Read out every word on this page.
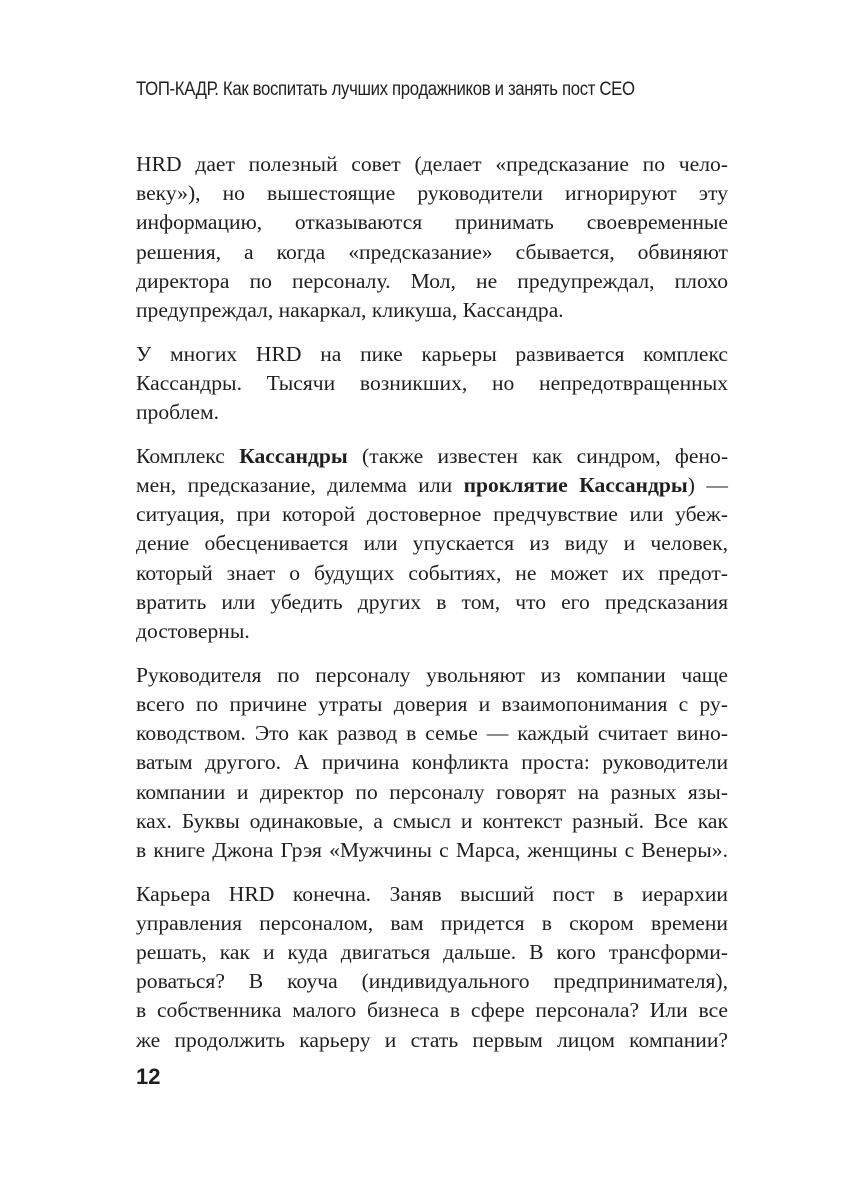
ТОП-КАДР. Как воспитать лучших продажников и занять пост CEO

HRD дает полезный совет (делает «предсказание по чело-
веку»), но вышестоящие руководители игнорируют эту
информацию, отказываются принимать своевременные
решения, а когда «предсказание» сбывается, обвиняют
директора по персоналу. Мол, не предупреждал, плохо
предупреждал, накаркал, кликуша, Кассандра.

У многих HRD на пике карьеры развивается комплекс
Кассандры. Тысячи возникших, но непредотвращенных
проблем.

Комплекс Кассандры (также известен как синдром, фено-
мен, предсказание, дилемма или проклятие Кассандры) —
ситуация, при которой достоверное предчувствие или убеж-
дение обесценивается или упускается из виду и человек,
который знает о будущих событиях, не может их предот-
вратить или убедить других в том, что его предсказания
достоверны.

Руководителя по персоналу увольняют из компании чаще
всего по причине утраты доверия и взаимопонимания с ру-
ководством. Это как развод в семье — каждый считает вино-
ватым другого. А причина конфликта проста: руководители
компании и директор по персоналу говорят на разных язы-
ках. Буквы одинаковые, а смысл и контекст разный. Все как
в книге Джона Грэя «Мужчины с Марса, женщины с Венеры».

Карьера HRD конечна. Заняв высший пост в иерархии
управления персоналом, вам придется в скором времени
решать, как и куда двигаться дальше. В кого трансформи-
роваться? В коуча (индивидуального предпринимателя),
в собственника малого бизнеса в сфере персонала? Или все
же продолжить карьеру и стать первым лицом компании?

12
